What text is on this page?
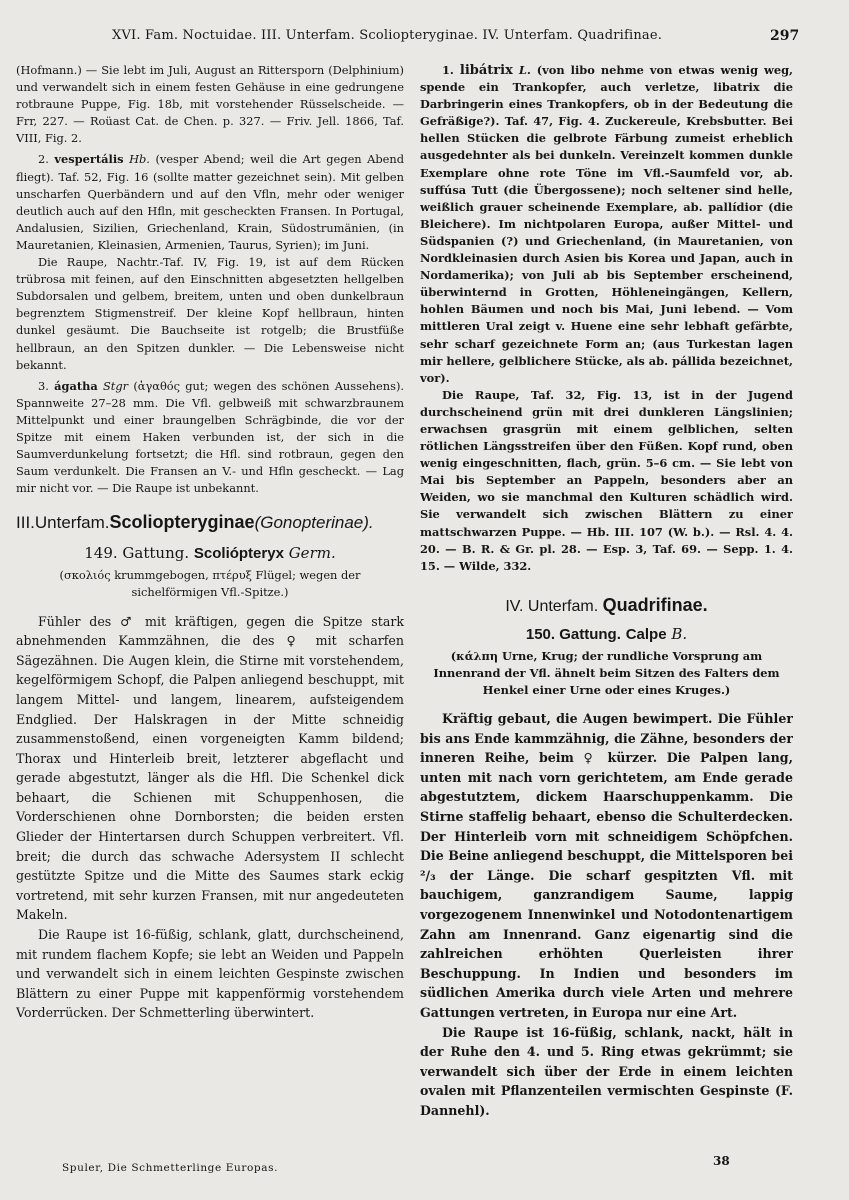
XVI. Fam. Noctuidae. III. Unterfam. Scoliopteryginae. IV. Unterfam. Quadrifinae.	297

(Hofmann.) — Sie lebt im Juli, August an Rittersporn (Delphinium) und verwandelt sich in einem festen Gehäuse in eine gedrungene rotbraune Puppe, Fig. 18b, mit vorstehender Rüsselscheide. — Frr, 227. — Roüast Cat. de Chen. p. 327. — Friv. Jell. 1866, Taf. VIII, Fig. 2.

2. vespertális Hb. (vesper Abend; weil die Art gegen Abend fliegt). Taf. 52, Fig. 16 (sollte matter gezeichnet sein). Mit gelben unscharfen Querbändern und auf den Vfln, mehr oder weniger deutlich auch auf den Hfln, mit gescheckten Fransen. In Portugal, Andalusien, Sizilien, Griechenland, Krain, Südostrumänien, (in Mauretanien, Kleinasien, Armenien, Taurus, Syrien); im Juni.

Die Raupe, Nachtr.-Taf. IV, Fig. 19, ist auf dem Rücken trübrosa mit feinen, auf den Einschnitten abgesetzten hellgelben Subdorsalen und gelbem, breitem, unten und oben dunkelbraun begrenztem Stigmenstreif. Der kleine Kopf hellbraun, hinten dunkel gesäumt. Die Bauchseite ist rotgelb; die Brustfüße hellbraun, an den Spitzen dunkler. — Die Lebensweise nicht bekannt.

3. ágatha Stgr (ἀγαθός gut; wegen des schönen Aussehens). Spannweite 27–28 mm. Die Vfl. gelbweiß mit schwarzbraunem Mittelpunkt und einer braungelben Schrägbinde, die vor der Spitze mit einem Haken verbunden ist, der sich in die Saumverdunkelung fortsetzt; die Hfl. sind rotbraun, gegen den Saum verdunkelt. Die Fransen an V.- und Hfln gescheckt. — Lag mir nicht vor. — Die Raupe ist unbekannt.

III.Unterfam.Scoliopteryginae(Gonopterinae).
149. Gattung. Scoliópteryx Germ.

(σκολιός krummgebogen, πτέρυξ Flügel; wegen der sichelförmigen Vfl.-Spitze.)

Fühler des ♂ mit kräftigen, gegen die Spitze stark abnehmenden Kammzähnen, die des ♀ mit scharfen Sägezähnen. Die Augen klein, die Stirne mit vorstehendem, kegelförmigem Schopf, die Palpen anliegend beschuppt, mit langem Mittel- und langem, linearem, aufsteigendem Endglied. Der Halskragen in der Mitte schneidig zusammenstoßend, einen vorgeneigten Kamm bildend; Thorax und Hinterleib breit, letzterer abgeflacht und gerade abgestutzt, länger als die Hfl. Die Schenkel dick behaart, die Schienen mit Schuppenhosen, die Vorderschienen ohne Dornborsten; die beiden ersten Glieder der Hintertarsen durch Schuppen verbreitert. Vfl. breit; die durch das schwache Adersystem II schlecht gestützte Spitze und die Mitte des Saumes stark eckig vortretend, mit sehr kurzen Fransen, mit nur angedeuteten Makeln.

Die Raupe ist 16-füßig, schlank, glatt, durchscheinend, mit rundem flachem Kopfe; sie lebt an Weiden und Pappeln und verwandelt sich in einem leichten Gespinste zwischen Blättern zu einer Puppe mit kappenförmig vorstehendem Vorderrücken. Der Schmetterling überwintert.

1. libátrix L. (von libo nehme von etwas wenig weg, spende ein Trankopfer, auch verletze, libatrix die Darbringerin eines Trankopfers, ob in der Bedeutung die Gefräßige?). Taf. 47, Fig. 4. Zuckereule, Krebsbutter. Bei hellen Stücken die gelbrote Färbung zumeist erheblich ausgedehnter als bei dunkeln. Vereinzelt kommen dunkle Exemplare ohne rote Töne im Vfl.-Saumfeld vor, ab. suffúsa Tutt (die Übergossene); noch seltener sind helle, weißlich grauer scheinende Exemplare, ab. pallídior (die Bleichere). Im nichtpolaren Europa, außer Mittel- und Südspanien (?) und Griechenland, (in Mauretanien, von Nordkleinasien durch Asien bis Korea und Japan, auch in Nordamerika); von Juli ab bis September erscheinend, überwinternd in Grotten, Höhleneingängen, Kellern, hohlen Bäumen und noch bis Mai, Juni lebend. — Vom mittleren Ural zeigt v. Huene eine sehr lebhaft gefärbte, sehr scharf gezeichnete Form an; (aus Turkestan lagen mir hellere, gelblichere Stücke, als ab. pállida bezeichnet, vor).

Die Raupe, Taf. 32, Fig. 13, ist in der Jugend durchscheinend grün mit drei dunkleren Längslinien; erwachsen grasgrün mit einem gelblichen, selten rötlichen Längsstreifen über den Füßen. Kopf rund, oben wenig eingeschnitten, flach, grün. 5–6 cm. — Sie lebt von Mai bis September an Pappeln, besonders aber an Weiden, wo sie manchmal den Kulturen schädlich wird. Sie verwandelt sich zwischen Blättern zu einer mattschwarzen Puppe. — Hb. III. 107 (W. b.). — Rsl. 4. 4. 20. — B. R. & Gr. pl. 28. — Esp. 3, Taf. 69. — Sepp. 1. 4. 15. — Wilde, 332.

IV. Unterfam. Quadrifinae.
150. Gattung. Calpe B.

(κάλπη Urne, Krug; der rundliche Vorsprung am Innenrand der Vfl. ähnelt beim Sitzen des Falters dem Henkel einer Urne oder eines Kruges.)

Kräftig gebaut, die Augen bewimpert. Die Fühler bis ans Ende kammzähnig, die Zähne, besonders der inneren Reihe, beim ♀ kürzer. Die Palpen lang, unten mit nach vorn gerichtetem, am Ende gerade abgestutztem, dickem Haarschuppenkamm. Die Stirne staffelig behaart, ebenso die Schulterdecken. Der Hinterleib vorn mit schneidigem Schöpfchen. Die Beine anliegend beschuppt, die Mittelsporen bei ²/₃ der Länge. Die scharf gespitzten Vfl. mit bauchigem, ganzrandigem Saume, lappig vorgezogenem Innenwinkel und Notodontenartigem Zahn am Innenrand. Ganz eigenartig sind die zahlreichen erhöhten Querleisten ihrer Beschuppung. In Indien und besonders im südlichen Amerika durch viele Arten und mehrere Gattungen vertreten, in Europa nur eine Art.

Die Raupe ist 16-füßig, schlank, nackt, hält in der Ruhe den 4. und 5. Ring etwas gekrümmt; sie verwandelt sich über der Erde in einem leichten ovalen mit Pflanzenteilen vermischten Gespinste (F. Dannehl).

Spuler, Die Schmetterlinge Europas.	38
